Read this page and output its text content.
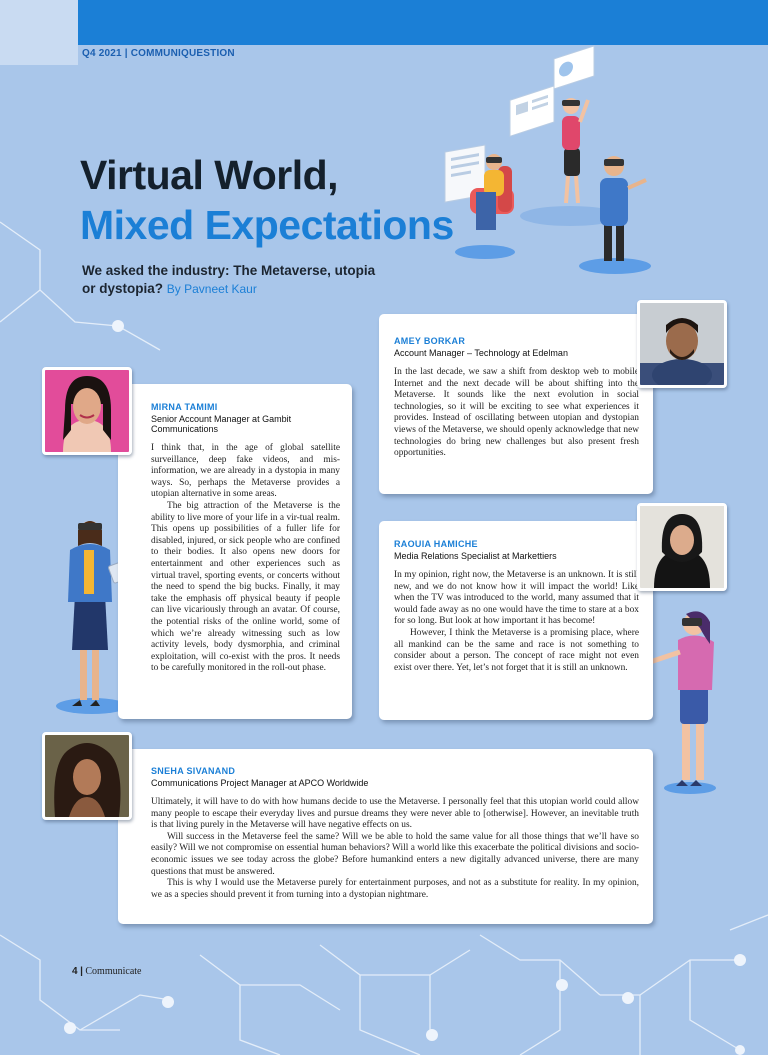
Q4 2021 | COMMUNIQUESTION
Virtual World,
Mixed Expectations
We asked the industry: The Metaverse, utopia or dystopia? By Pavneet Kaur
AMEY BORKAR
Account Manager – Technology at Edelman

In the last decade, we saw a shift from desktop web to mobile Internet and the next decade will be about shifting into the Metaverse. It sounds like the next evolution in social technologies, so it will be exciting to see what experiences it provides. Instead of oscillating between utopian and dystopian views of the Metaverse, we should openly acknowledge that new technologies do bring new challenges but also present fresh opportunities.

MIRNA TAMIMI
Senior Account Manager at Gambit Communications

I think that, in the age of global satellite surveillance, deep fake videos, and mis-information, we are already in a dystopia in many ways. So, perhaps the Metaverse provides a utopian alternative in some areas.

The big attraction of the Metaverse is the ability to live more of your life in a vir-tual realm. This opens up possibilities of a fuller life for disabled, injured, or sick people who are confined to their bodies. It also opens new doors for entertainment and other experiences such as virtual travel, sporting events, or concerts without the need to spend the big bucks. Finally, it may take the emphasis off physical beauty if people can live vicariously through an avatar. Of course, the potential risks of the online world, some of which we’re already witnessing such as low activity levels, body dysmorphia, and criminal exploitation, will co-exist with the pros. It needs to be carefully monitored in the roll-out phase.

RAOUIA HAMICHE
Media Relations Specialist at Markettiers

In my opinion, right now, the Metaverse is an unknown. It is still new, and we do not know how it will impact the world! Like when the TV was introduced to the world, many assumed that it would fade away as no one would have the time to stare at a box for so long. But look at how important it has become!

However, I think the Metaverse is a promising place, where all mankind can be the same and race is not something to consider about a person. The concept of race might not even exist over there. Yet, let’s not forget that it is still an unknown.

SNEHA SIVANAND
Communications Project Manager at APCO Worldwide

Ultimately, it will have to do with how humans decide to use the Metaverse. I personally feel that this utopian world could allow many people to escape their everyday lives and pursue dreams they were never able to [otherwise]. However, an inevitable truth is that living purely in the Metaverse will have negative effects on us.

Will success in the Metaverse feel the same? Will we be able to hold the same value for all those things that we’ll have so easily? Will we not compromise on essential human behaviors? Will a world like this exacerbate the political divisions and socio-economic issues we see today across the globe? Before humankind enters a new digitally advanced universe, there are many questions that must be answered.

This is why I would use the Metaverse purely for entertainment purposes, and not as a substitute for reality. In my opinion, we as a species should prevent it from turning into a dystopian nightmare.

4 | Communicate
